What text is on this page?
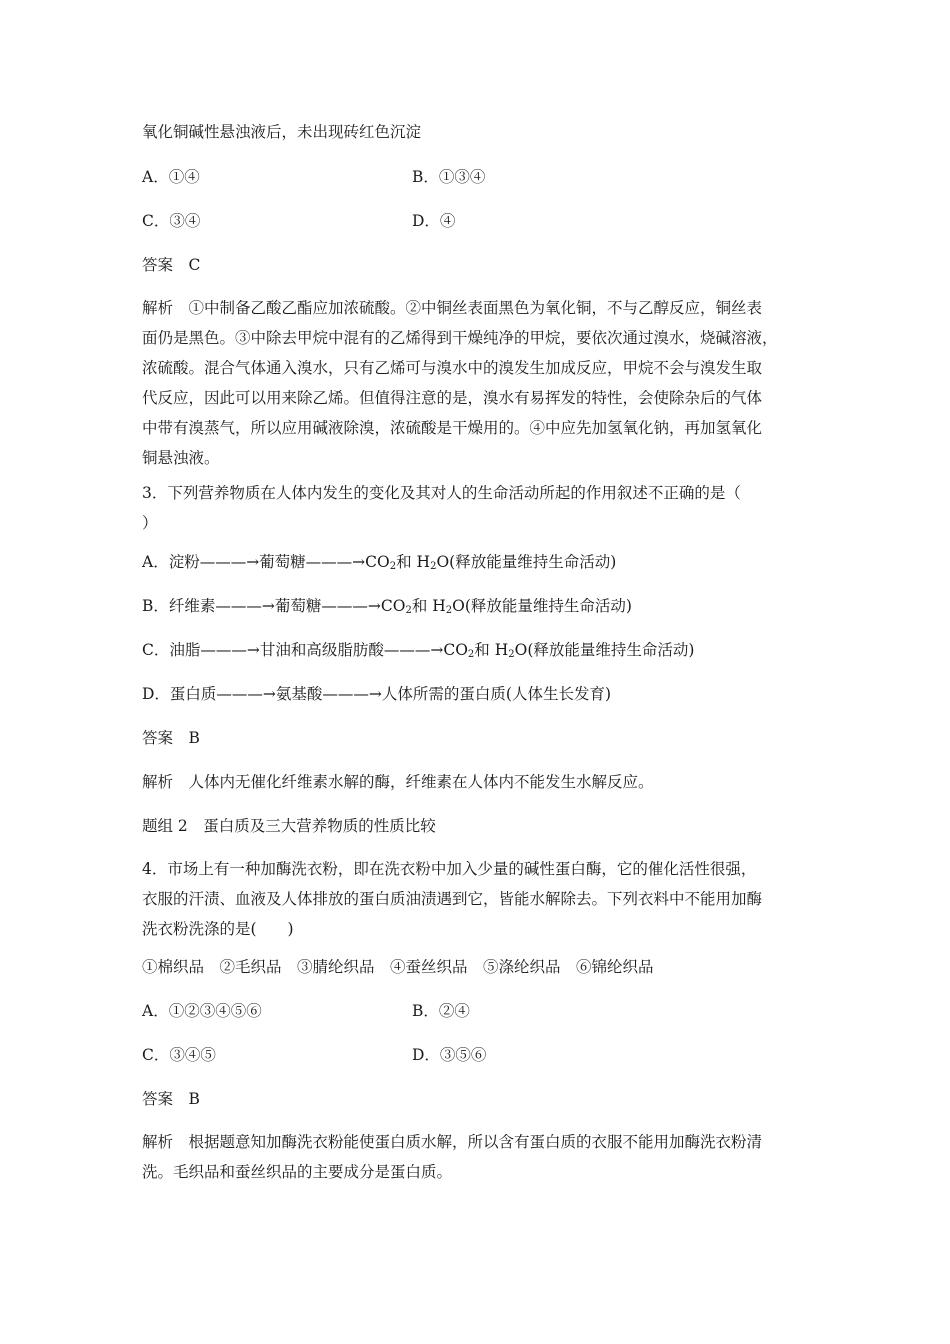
氧化铜碱性悬浊液后，未出现砖红色沉淀
A．①④	B．①③④
C．③④	D．④
答案　C
解析　①中制备乙酸乙酯应加浓硫酸。②中铜丝表面黑色为氧化铜，不与乙醇反应，铜丝表
面仍是黑色。③中除去甲烷中混有的乙烯得到干燥纯净的甲烷，要依次通过溴水，烧碱溶液，
浓硫酸。混合气体通入溴水，只有乙烯可与溴水中的溴发生加成反应，甲烷不会与溴发生取
代反应，因此可以用来除乙烯。但值得注意的是，溴水有易挥发的特性，会使除杂后的气体
中带有溴蒸气，所以应用碱液除溴，浓硫酸是干燥用的。④中应先加氢氧化钠，再加氢氧化
铜悬浊液。
3．下列营养物质在人体内发生的变化及其对人的生命活动所起的作用叙述不正确的是（
）
A．淀粉———→葡萄糖$———\to CO_2$和 $H_2O$(释放能量维持生命活动)
B．纤维素———→葡萄糖$———\to CO_2$和 $H_2O$(释放能量维持生命活动)
C．油脂———→甘油和高级脂肪酸$———\to CO_2$和 $H_2O$(释放能量维持生命活动)
D．蛋白质———→氨基酸———→人体所需的蛋白质(人体生长发育)
答案　B
解析　人体内无催化纤维素水解的酶，纤维素在人体内不能发生水解反应。
题组 2　蛋白质及三大营养物质的性质比较
4．市场上有一种加酶洗衣粉，即在洗衣粉中加入少量的碱性蛋白酶，它的催化活性很强，
衣服的汗渍、血液及人体排放的蛋白质油渍遇到它，皆能水解除去。下列衣料中不能用加酶
洗衣粉洗涤的是(　　)
①棉织品　②毛织品　③腈纶织品　④蚕丝织品　⑤涤纶织品　⑥锦纶织品
A．①②③④⑤⑥	B．②④
C．③④⑤	D．③⑤⑥
答案　B
解析　根据题意知加酶洗衣粉能使蛋白质水解，所以含有蛋白质的衣服不能用加酶洗衣粉清
洗。毛织品和蚕丝织品的主要成分是蛋白质。
